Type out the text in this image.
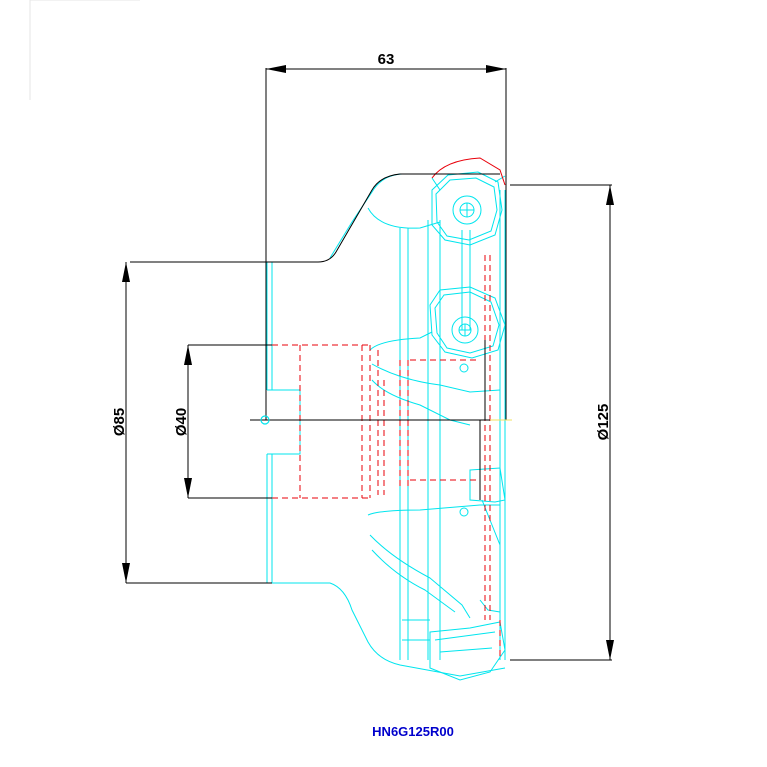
63
Ø85	Ø40	Ø125
HN6G125R00
